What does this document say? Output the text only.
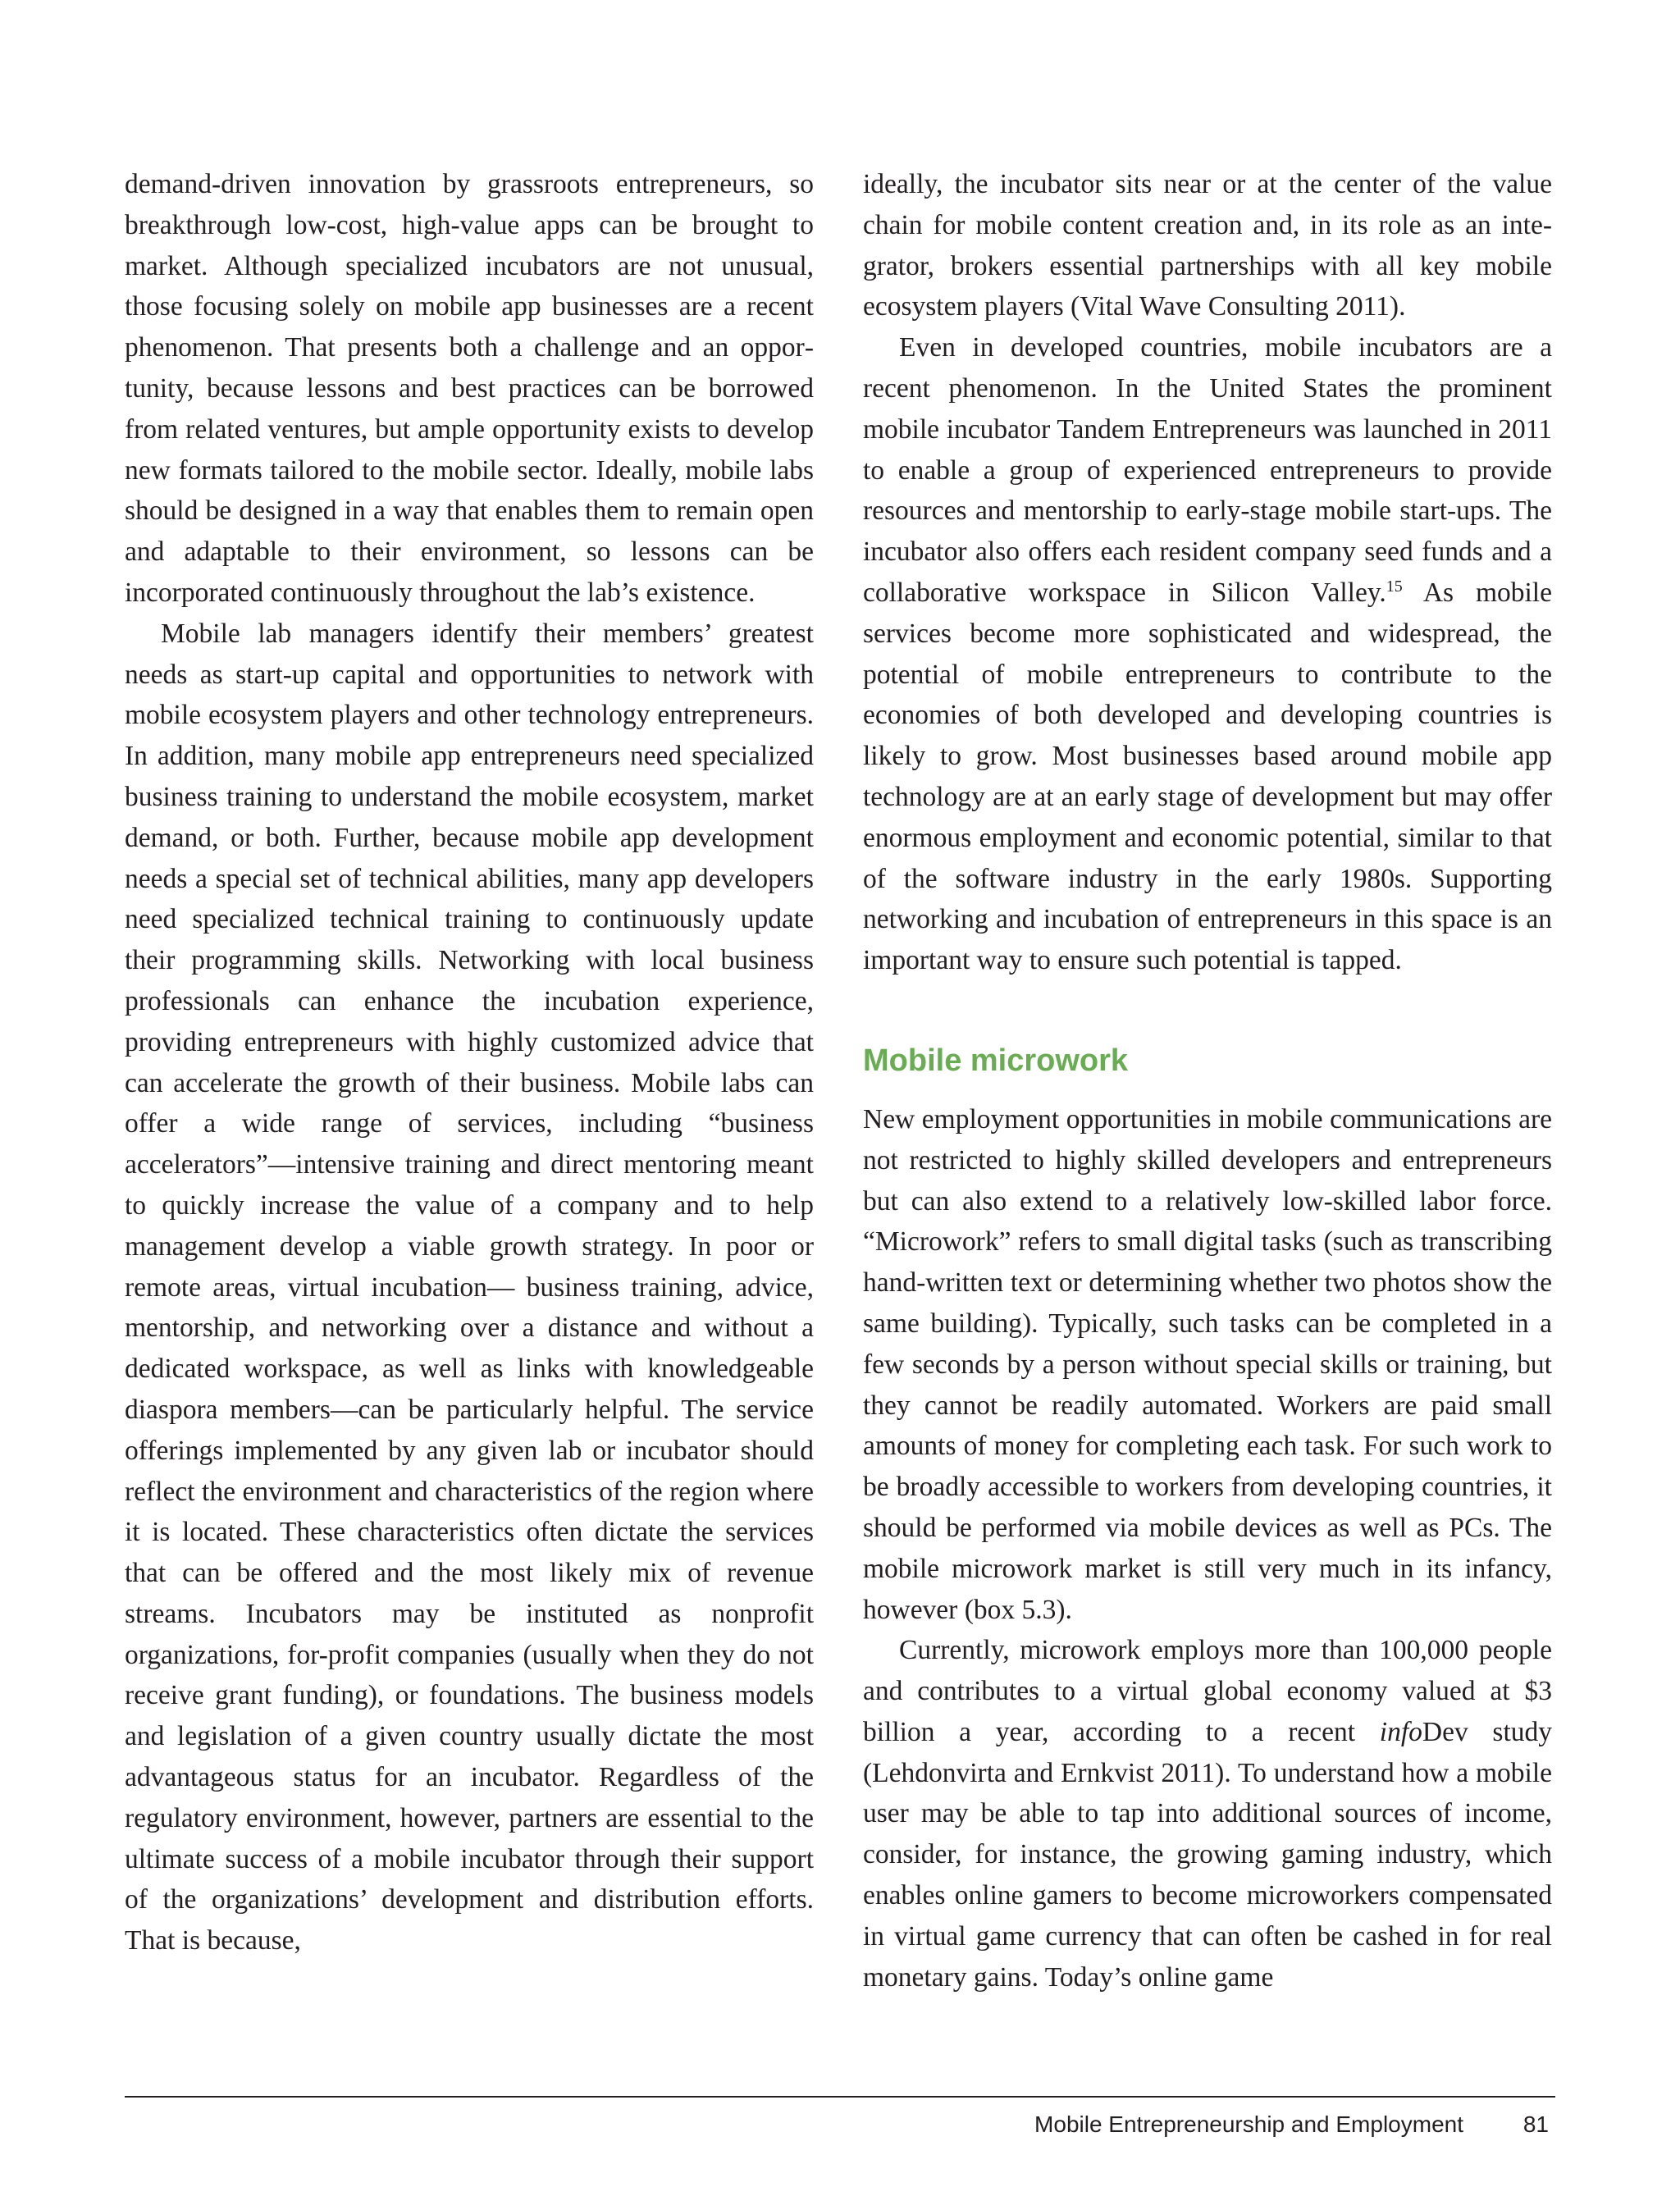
demand-driven innovation by grassroots entrepreneurs, so breakthrough low-cost, high-value apps can be brought to market. Although specialized incubators are not unusual, those focusing solely on mobile app businesses are a recent phenomenon. That presents both a challenge and an opportunity, because lessons and best practices can be borrowed from related ventures, but ample opportunity exists to develop new formats tailored to the mobile sector. Ideally, mobile labs should be designed in a way that enables them to remain open and adaptable to their environment, so lessons can be incorporated continuously throughout the lab’s existence.

Mobile lab managers identify their members’ greatest needs as start-up capital and opportunities to network with mobile ecosystem players and other technology entrepreneurs. In addition, many mobile app entrepreneurs need specialized business training to understand the mobile ecosystem, market demand, or both. Further, because mobile app development needs a special set of technical abilities, many app developers need specialized technical training to continuously update their programming skills. Networking with local business professionals can enhance the incubation experience, providing entrepreneurs with highly customized advice that can accelerate the growth of their business. Mobile labs can offer a wide range of services, including “business accelerators”—intensive training and direct mentoring meant to quickly increase the value of a company and to help management develop a viable growth strategy. In poor or remote areas, virtual incubation— business training, advice, mentorship, and networking over a distance and without a dedicated workspace, as well as links with knowledgeable diaspora members—can be particularly helpful. The service offerings implemented by any given lab or incubator should reflect the environment and characteristics of the region where it is located. These characteristics often dictate the services that can be offered and the most likely mix of revenue streams. Incubators may be instituted as nonprofit organizations, for-profit companies (usually when they do not receive grant funding), or foundations. The business models and legislation of a given country usually dictate the most advantageous status for an incubator. Regardless of the regulatory environment, however, partners are essential to the ultimate success of a mobile incubator through their support of the organizations’ development and distribution efforts. That is because,

ideally, the incubator sits near or at the center of the value chain for mobile content creation and, in its role as an integrator, brokers essential partnerships with all key mobile ecosystem players (Vital Wave Consulting 2011).

Even in developed countries, mobile incubators are a recent phenomenon. In the United States the prominent mobile incubator Tandem Entrepreneurs was launched in 2011 to enable a group of experienced entrepreneurs to provide resources and mentorship to early-stage mobile start-ups. The incubator also offers each resident company seed funds and a collaborative workspace in Silicon Valley.$^{15}$ As mobile services become more sophisticated and widespread, the potential of mobile entrepreneurs to contribute to the economies of both developed and developing countries is likely to grow. Most businesses based around mobile app technology are at an early stage of development but may offer enormous employment and economic potential, similar to that of the software industry in the early 1980s. Supporting networking and incubation of entrepreneurs in this space is an important way to ensure such potential is tapped.

Mobile microwork

New employment opportunities in mobile communications are not restricted to highly skilled developers and entrepreneurs but can also extend to a relatively low-skilled labor force. “Microwork” refers to small digital tasks (such as transcribing hand-written text or determining whether two photos show the same building). Typically, such tasks can be completed in a few seconds by a person without special skills or training, but they cannot be readily automated. Workers are paid small amounts of money for completing each task. For such work to be broadly accessible to workers from developing countries, it should be performed via mobile devices as well as PCs. The mobile microwork market is still very much in its infancy, however (box 5.3).

Currently, microwork employs more than 100,000 people and contributes to a virtual global economy valued at $3 billion a year, according to a recent infoDev study (Lehdonvirta and Ernkvist 2011). To understand how a mobile user may be able to tap into additional sources of income, consider, for instance, the growing gaming industry, which enables online gamers to become microworkers compensated in virtual game currency that can often be cashed in for real monetary gains. Today’s online game

Mobile Entrepreneurship and Employment	81
